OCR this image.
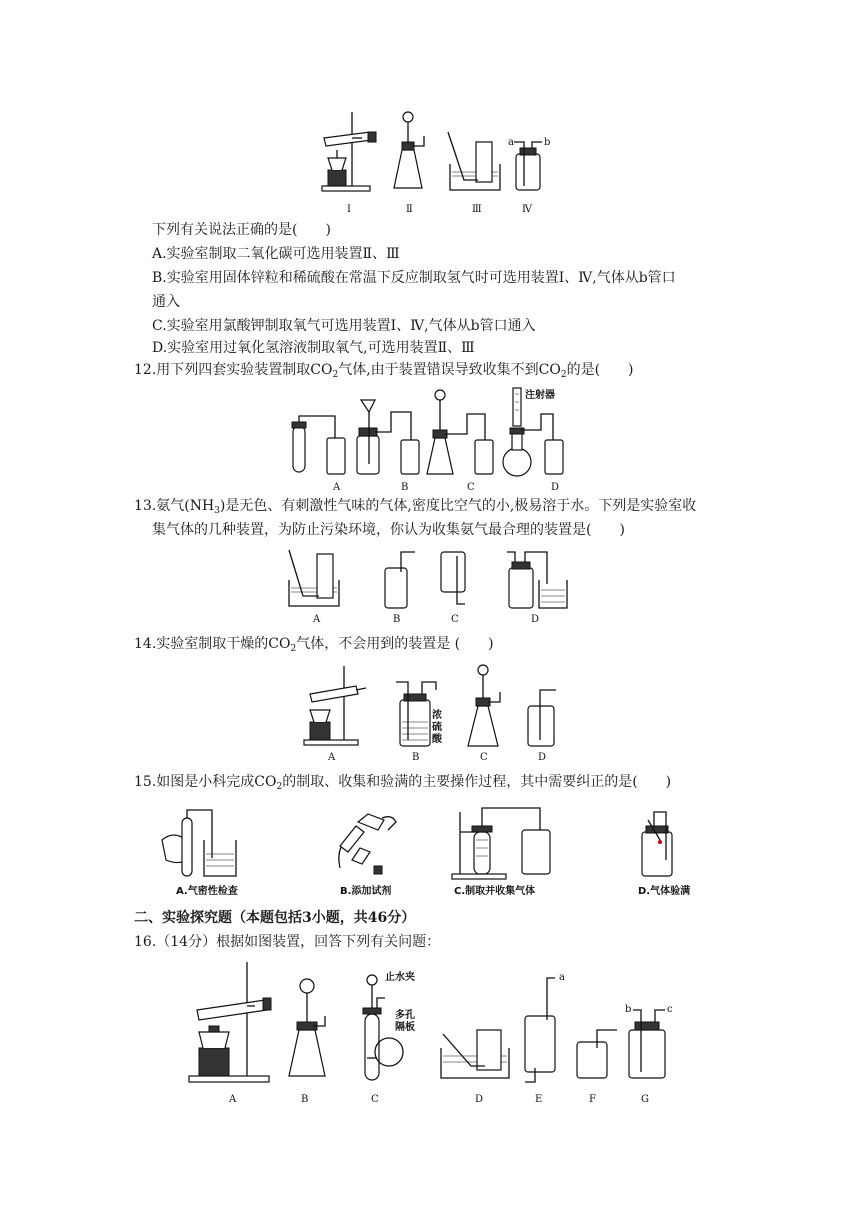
a	b
Ⅰ	Ⅱ	Ⅲ	Ⅳ
下列有关说法正确的是(　　)
A.实验室制取二氧化碳可选用装置Ⅱ、Ⅲ
B.实验室用固体锌粒和稀硫酸在常温下反应制取氢气时可选用装置Ⅰ、Ⅳ,气体从b管口
通入
C.实验室用氯酸钾制取氧气可选用装置Ⅰ、Ⅳ,气体从b管口通入
D.实验室用过氧化氢溶液制取氧气,可选用装置Ⅱ、Ⅲ
12.用下列四套实验装置制取$CO_2$气体,由于装置错误导致收集不到$CO_2$的是(　　)
注射器
A	B	C	D
13.氨气$(NH_3)$是无色、有刺激性气味的气体,密度比空气的小,极易溶于水。下列是实验室收
集气体的几种装置，为防止污染环境，你认为收集氨气最合理的装置是(　　)
A	B	C	D
14.实验室制取干燥的$CO_2$气体，不会用到的装置是 (　　)
浓
硫
酸
A	B	C	D
15.如图是小科完成$CO_2$的制取、收集和验满的主要操作过程，其中需要纠正的是(　　)
A.气密性检查	B.添加试剂	C.制取并收集气体	D.气体验满
二、实验探究题（本题包括3小题，共46分）
16.（14分）根据如图装置，回答下列有关问题：
止水夹
多孔
隔板
a
b	c
A	B	C	D	E	F	G
